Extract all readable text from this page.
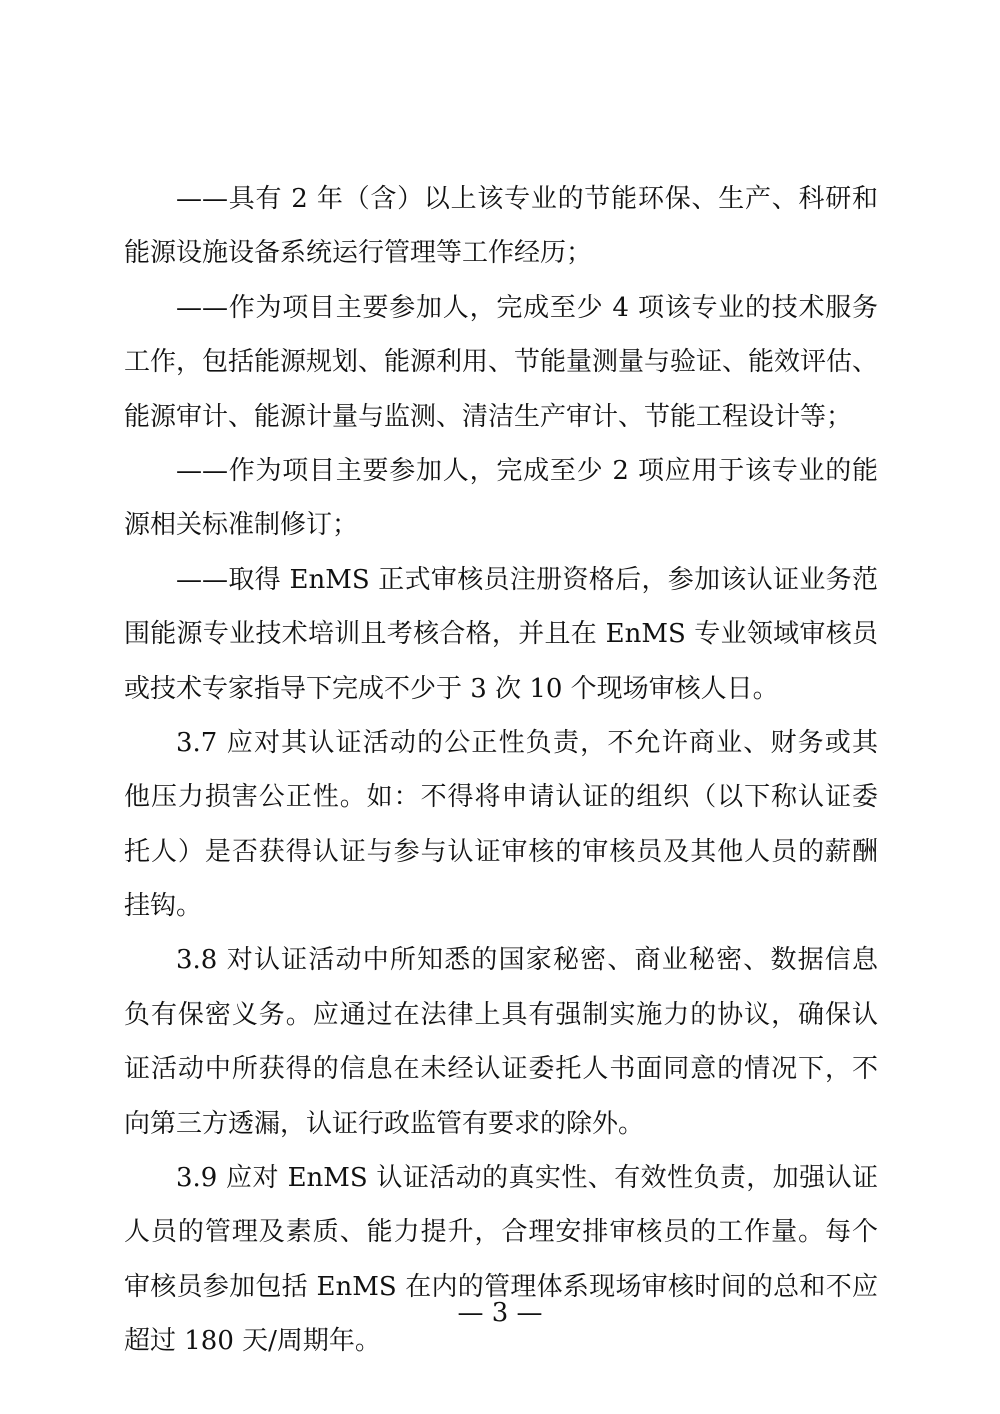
——具有 2 年（含）以上该专业的节能环保、生产、科研和
能源设施设备系统运行管理等工作经历；
——作为项目主要参加人，完成至少 4 项该专业的技术服务
工作，包括能源规划、能源利用、节能量测量与验证、能效评估、
能源审计、能源计量与监测、清洁生产审计、节能工程设计等；
——作为项目主要参加人，完成至少 2 项应用于该专业的能
源相关标准制修订；
——取得 EnMS 正式审核员注册资格后，参加该认证业务范
围能源专业技术培训且考核合格，并且在 EnMS 专业领域审核员
或技术专家指导下完成不少于 3 次 10 个现场审核人日。
3.7 应对其认证活动的公正性负责，不允许商业、财务或其
他压力损害公正性。如：不得将申请认证的组织（以下称认证委
托人）是否获得认证与参与认证审核的审核员及其他人员的薪酬
挂钩。
3.8 对认证活动中所知悉的国家秘密、商业秘密、数据信息
负有保密义务。应通过在法律上具有强制实施力的协议，确保认
证活动中所获得的信息在未经认证委托人书面同意的情况下，不
向第三方透漏，认证行政监管有要求的除外。
3.9 应对 EnMS 认证活动的真实性、有效性负责，加强认证
人员的管理及素质、能力提升，合理安排审核员的工作量。每个
审核员参加包括 EnMS 在内的管理体系现场审核时间的总和不应
超过 180 天/周期年。
— 3 —
